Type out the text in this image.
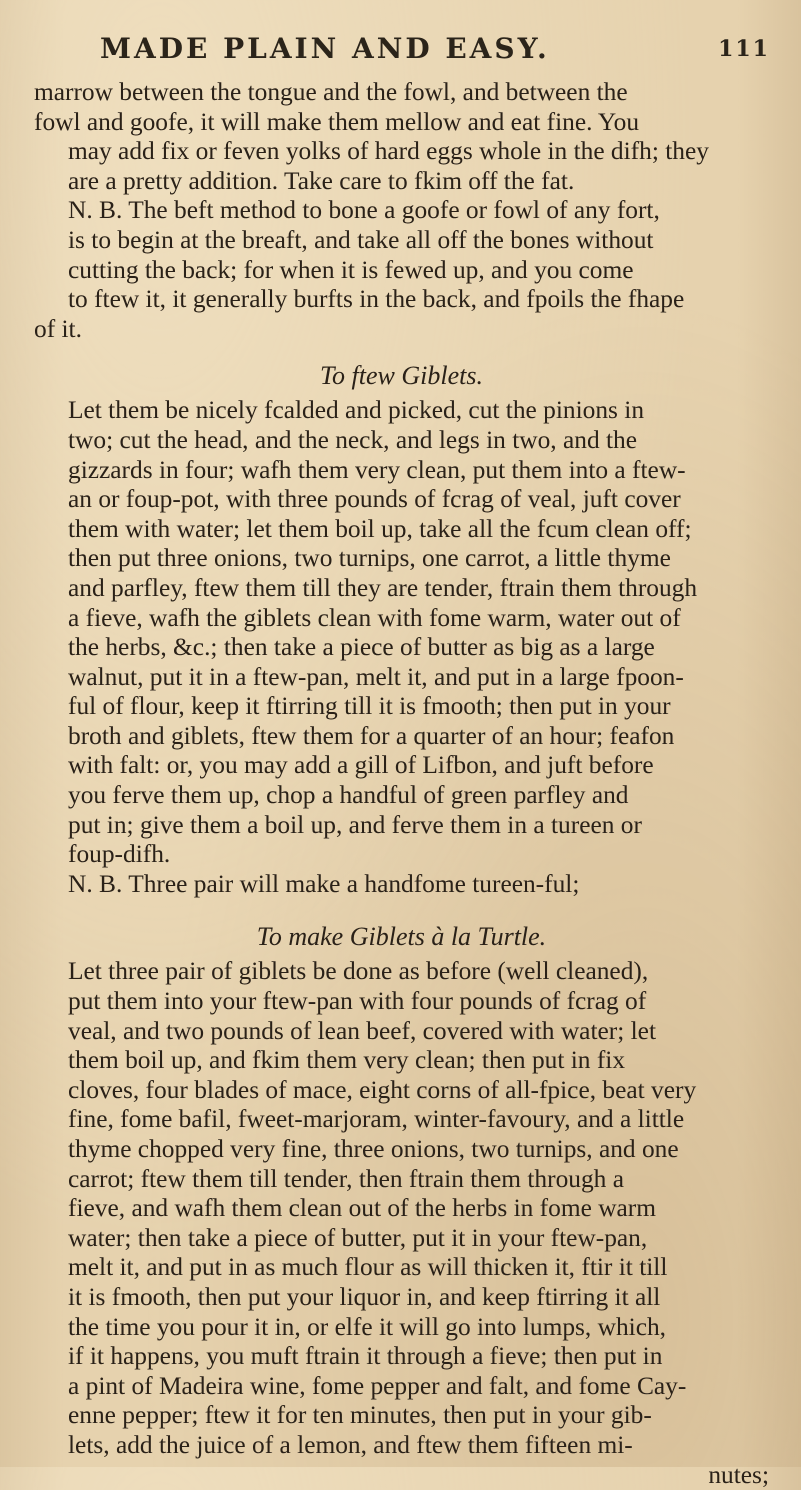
MADE PLAIN AND EASY.	111
marrow between the tongue and the fowl, and between the
fowl and goofe, it will make them mellow and eat fine. You
may add fix or feven yolks of hard eggs whole in the difh; they
are a pretty addition. Take care to fkim off the fat.
N. B. The beft method to bone a goofe or fowl of any fort,
is to begin at the breaft, and take all off the bones without
cutting the back; for when it is fewed up, and you come
to ftew it, it generally burfts in the back, and fpoils the fhape
of it.
To ftew Giblets.
Let them be nicely fcalded and picked, cut the pinions in
two; cut the head, and the neck, and legs in two, and the
gizzards in four; wafh them very clean, put them into a ftew-
an or foup-pot, with three pounds of fcrag of veal, juft cover
them with water; let them boil up, take all the fcum clean off;
then put three onions, two turnips, one carrot, a little thyme
and parfley, ftew them till they are tender, ftrain them through
a fieve, wafh the giblets clean with fome warm, water out of
the herbs, &c.; then take a piece of butter as big as a large
walnut, put it in a ftew-pan, melt it, and put in a large fpoon-
ful of flour, keep it ftirring till it is fmooth; then put in your
broth and giblets, ftew them for a quarter of an hour; feafon
with falt: or, you may add a gill of Lifbon, and juft before
you ferve them up, chop a handful of green parfley and
put in; give them a boil up, and ferve them in a tureen or
foup-difh.
N. B. Three pair will make a handfome tureen-ful;
To make Giblets à la Turtle.
Let three pair of giblets be done as before (well cleaned),
put them into your ftew-pan with four pounds of fcrag of
veal, and two pounds of lean beef, covered with water; let
them boil up, and fkim them very clean; then put in fix
cloves, four blades of mace, eight corns of all-fpice, beat very
fine, fome bafil, fweet-marjoram, winter-favoury, and a little
thyme chopped very fine, three onions, two turnips, and one
carrot; ftew them till tender, then ftrain them through a
fieve, and wafh them clean out of the herbs in fome warm
water; then take a piece of butter, put it in your ftew-pan,
melt it, and put in as much flour as will thicken it, ftir it till
it is fmooth, then put your liquor in, and keep ftirring it all
the time you pour it in, or elfe it will go into lumps, which,
if it happens, you muft ftrain it through a fieve; then put in
a pint of Madeira wine, fome pepper and falt, and fome Cay-
enne pepper; ftew it for ten minutes, then put in your gib-
lets, add the juice of a lemon, and ftew them fifteen mi-
nutes;
